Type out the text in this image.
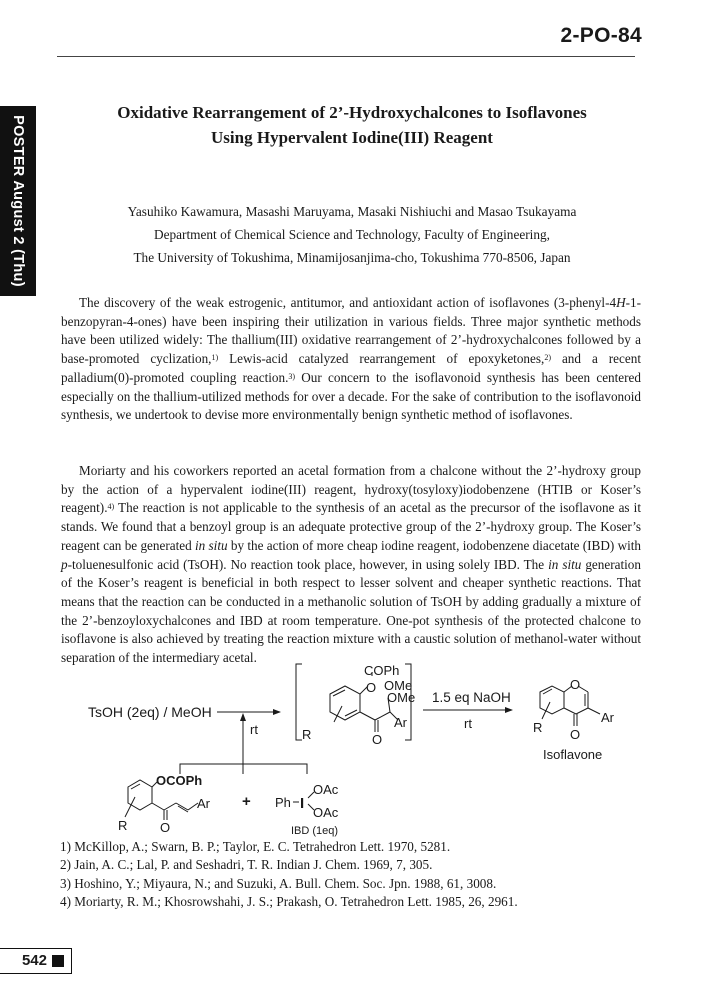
2-PO-84
POSTER August 2 (Thu)
Oxidative Rearrangement of 2’-Hydroxychalcones to Isoflavones
Using Hypervalent Iodine(III) Reagent
Yasuhiko Kawamura, Masashi Maruyama, Masaki Nishiuchi and Masao Tsukayama
Department of Chemical Science and Technology, Faculty of Engineering,
The University of Tokushima, Minamijosanjima-cho, Tokushima 770-8506, Japan

The discovery of the weak estrogenic, antitumor, and antioxidant action of isoflavones (3-phenyl-4H-1-benzopyran-4-ones) have been inspiring their utilization in various fields. Three major synthetic methods have been utilized widely: The thallium(III) oxidative rearrangement of 2’-hydroxychalcones followed by a base-promoted cyclization,$^{1)}$ Lewis-acid catalyzed rearrangement of epoxyketones,$^{2)}$ and a recent palladium(0)-promoted coupling reaction.$^{3)}$ Our concern to the isoflavonoid synthesis has been centered especially on the thallium-utilized methods for over a decade. For the sake of contribution to the isoflavonoid synthesis, we undertook to devise more environmentally benign synthetic method of isoflavones.

Moriarty and his coworkers reported an acetal formation from a chalcone without the 2’-hydroxy group by the action of a hypervalent iodine(III) reagent, hydroxy(tosyloxy)iodobenzene (HTIB or Koser’s reagent).$^{4)}$ The reaction is not applicable to the synthesis of an acetal as the precursor of the isoflavone as it stands. We found that a benzoyl group is an adequate protective group of the 2’-hydroxy group. The Koser’s reagent can be generated in situ by the action of more cheap iodine reagent, iodobenzene diacetate (IBD) with p-toluenesulfonic acid (TsOH). No reaction took place, however, in using solely IBD. The in situ generation of the Koser’s reagent is beneficial in both respect to lesser solvent and cheaper synthetic reactions. That means that the reaction can be conducted in a methanolic solution of TsOH by adding gradually a mixture of the 2’-benzoyloxychalcones and IBD at room temperature. One-pot synthesis of the protected chalcone to isoflavone is also achieved by treating the reaction mixture with a caustic solution of methanol-water without separation of the intermediary acetal.

TsOH (2eq) / MeOH
rt
COPh
O OMe
OMe
Ar
R	O
1.5 eq NaOH
rt
O
Ar
R O
Isoflavone
OCOPh
Ar
R	O
+ Ph I
OAc
OAc
IBD (1eq)
1) McKillop, A.; Swarn, B. P.; Taylor, E. C. Tetrahedron Lett. 1970, 5281.
2) Jain, A. C.; Lal, P. and Seshadri, T. R. Indian J. Chem. 1969, 7, 305.
3) Hoshino, Y.; Miyaura, N.; and Suzuki, A. Bull. Chem. Soc. Jpn. 1988, 61, 3008.
4) Moriarty, R. M.; Khosrowshahi, J. S.; Prakash, O. Tetrahedron Lett. 1985, 26, 2961.
542
